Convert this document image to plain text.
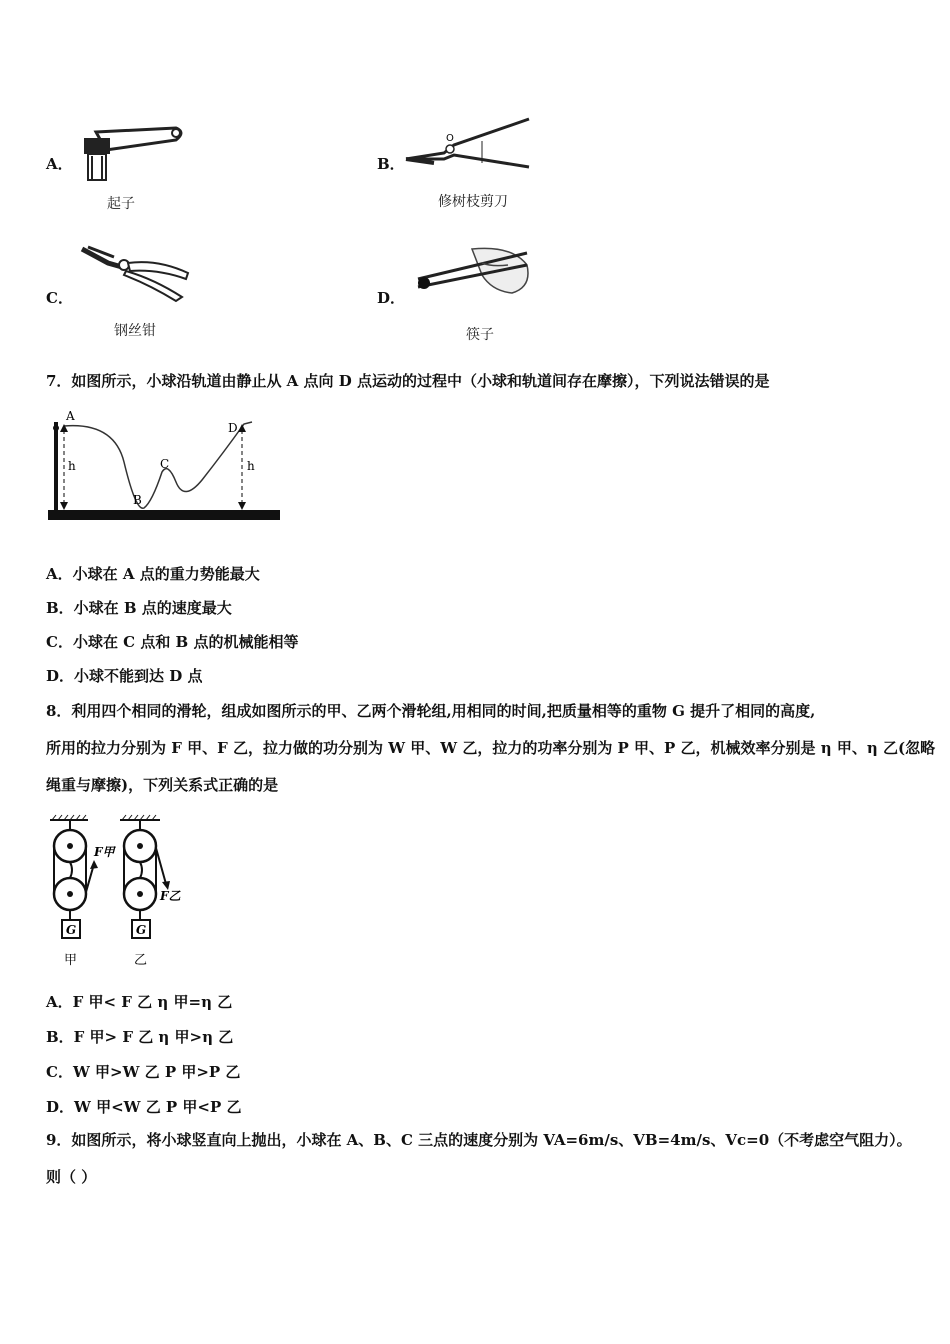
A．
起子
B．
O
修树枝剪刀
C．
钢丝钳
D．
筷子
7．如图所示，小球沿轨道由静止从 A 点向 D 点运动的过程中（小球和轨道间存在摩擦），下列说法错误的是
A
B
C
D
h	h
A．小球在 A 点的重力势能最大
B．小球在 B 点的速度最大
C．小球在 C 点和 B 点的机械能相等
D．小球不能到达 D 点
8．利用四个相同的滑轮，组成如图所示的甲、乙两个滑轮组,用相同的时间,把质量相等的重物 G 提升了相同的高度,
所用的拉力分别为 F 甲、F 乙，拉力做的功分别为 W 甲、W 乙，拉力的功率分别为 P 甲、P 乙，机械效率分别是 η 甲、η 乙(忽略
绳重与摩擦)，下列关系式正确的是
G
F甲
G
F乙
甲	乙
A．F 甲< F 乙 η 甲=η 乙
B．F 甲> F 乙 η 甲>η 乙
C．W 甲>W 乙 P 甲>P 乙
D．W 甲<W 乙 P 甲<P 乙
9．如图所示，将小球竖直向上抛出，小球在 A、B、C 三点的速度分别为 VA=6m/s、VB=4m/s、Vc=0（不考虑空气阻力）。
则（ ）
